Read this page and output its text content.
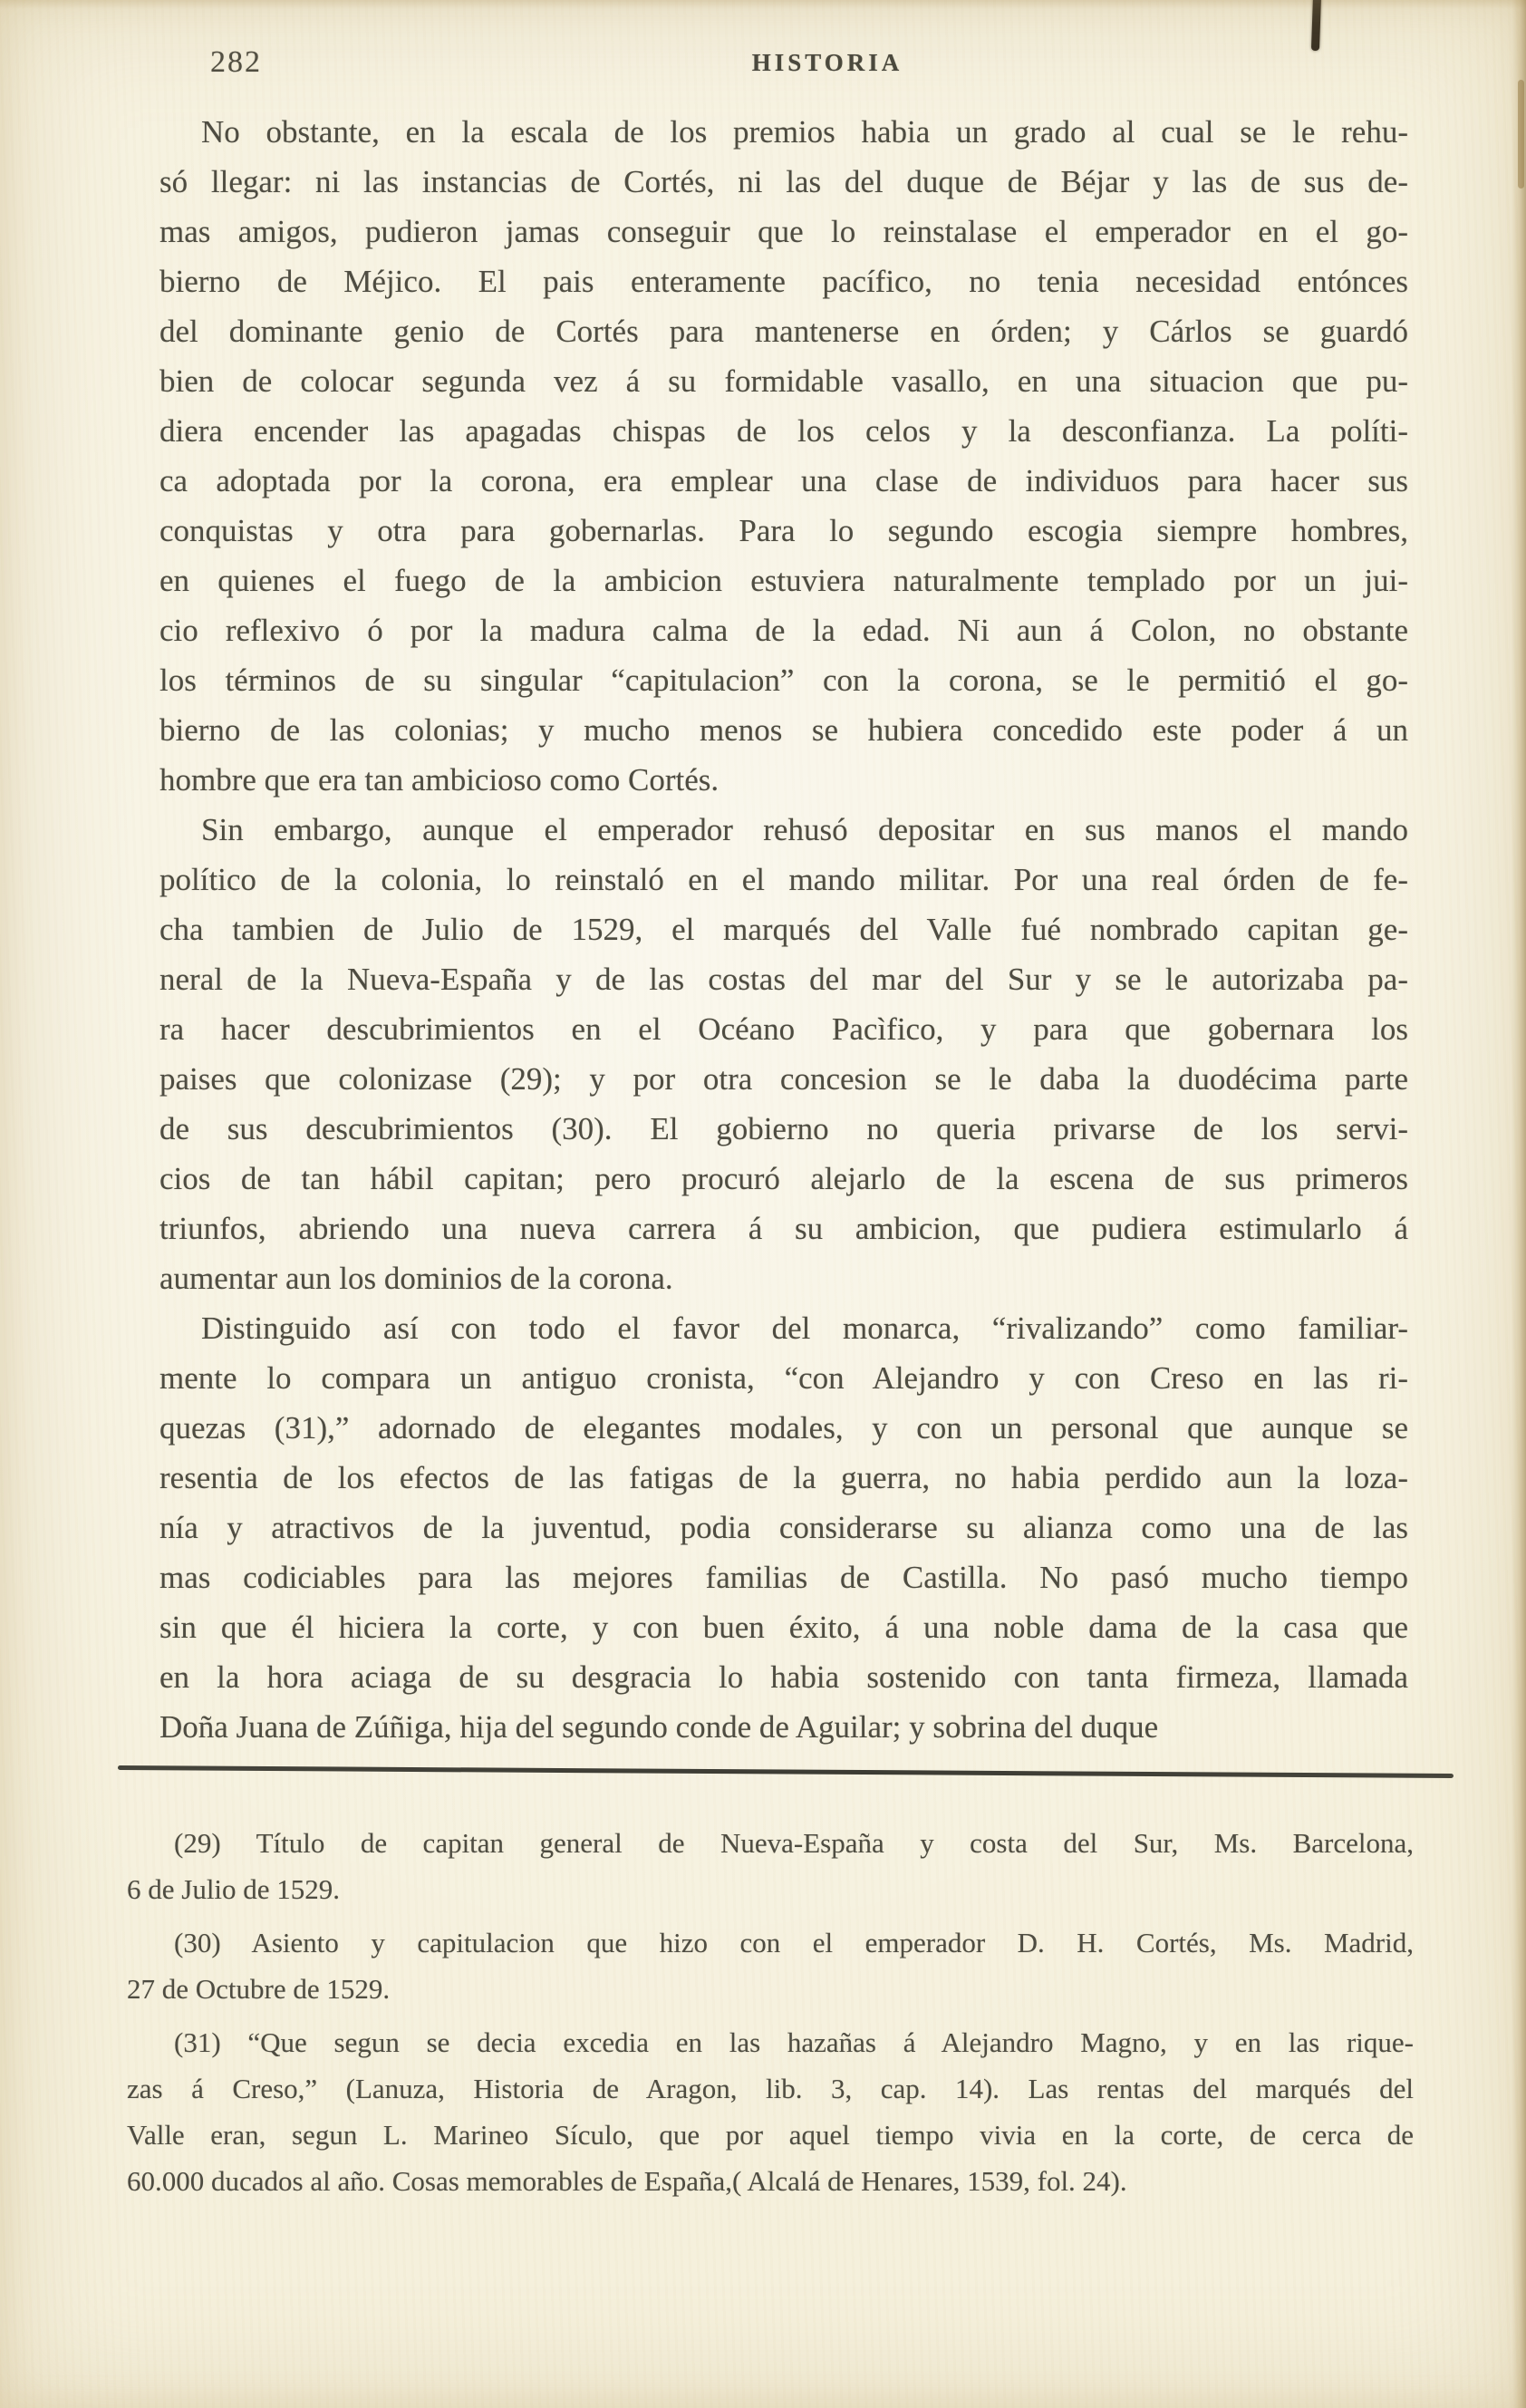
282	HISTORIA
No obstante, en la escala de los premios habia un grado al cual se le rehu-
só llegar: ni las instancias de Cortés, ni las del duque de Béjar y las de sus de-
mas amigos, pudieron jamas conseguir que lo reinstalase el emperador en el go-
bierno de Méjico. El pais enteramente pacífico, no tenia necesidad entónces
del dominante genio de Cortés para mantenerse en órden; y Cárlos se guardó
bien de colocar segunda vez á su formidable vasallo, en una situacion que pu-
diera encender las apagadas chispas de los celos y la desconfianza. La políti-
ca adoptada por la corona, era emplear una clase de individuos para hacer sus
conquistas y otra para gobernarlas. Para lo segundo escogia siempre hombres,
en quienes el fuego de la ambicion estuviera naturalmente templado por un jui-
cio reflexivo ó por la madura calma de la edad. Ni aun á Colon, no obstante
los términos de su singular “capitulacion” con la corona, se le permitió el go-
bierno de las colonias; y mucho menos se hubiera concedido este poder á un
hombre que era tan ambicioso como Cortés.
Sin embargo, aunque el emperador rehusó depositar en sus manos el mando
político de la colonia, lo reinstaló en el mando militar. Por una real órden de fe-
cha tambien de Julio de 1529, el marqués del Valle fué nombrado capitan ge-
neral de la Nueva-España y de las costas del mar del Sur y se le autorizaba pa-
ra hacer descubrimientos en el Océano Pacìfico, y para que gobernara los
paises que colonizase (29); y por otra concesion se le daba la duodécima parte
de sus descubrimientos (30). El gobierno no queria privarse de los servi-
cios de tan hábil capitan; pero procuró alejarlo de la escena de sus primeros
triunfos, abriendo una nueva carrera á su ambicion, que pudiera estimularlo á
aumentar aun los dominios de la corona.
Distinguido así con todo el favor del monarca, “rivalizando” como familiar-
mente lo compara un antiguo cronista, “con Alejandro y con Creso en las ri-
quezas (31),” adornado de elegantes modales, y con un personal que aunque se
resentia de los efectos de las fatigas de la guerra, no habia perdido aun la loza-
nía y atractivos de la juventud, podia considerarse su alianza como una de las
mas codiciables para las mejores familias de Castilla. No pasó mucho tiempo
sin que él hiciera la corte, y con buen éxito, á una noble dama de la casa que
en la hora aciaga de su desgracia lo habia sostenido con tanta firmeza, llamada
Doña Juana de Zúñiga, hija del segundo conde de Aguilar; y sobrina del duque
(29) Título de capitan general de Nueva-España y costa del Sur, Ms. Barcelona,
6 de Julio de 1529.
(30) Asiento y capitulacion que hizo con el emperador D. H. Cortés, Ms. Madrid,
27 de Octubre de 1529.
(31) “Que segun se decia excedia en las hazañas á Alejandro Magno, y en las rique-
zas á Creso,” (Lanuza, Historia de Aragon, lib. 3, cap. 14). Las rentas del marqués del
Valle eran, segun L. Marineo Sículo, que por aquel tiempo vivia en la corte, de cerca de
60.000 ducados al año. Cosas memorables de España,( Alcalá de Henares, 1539, fol. 24).
